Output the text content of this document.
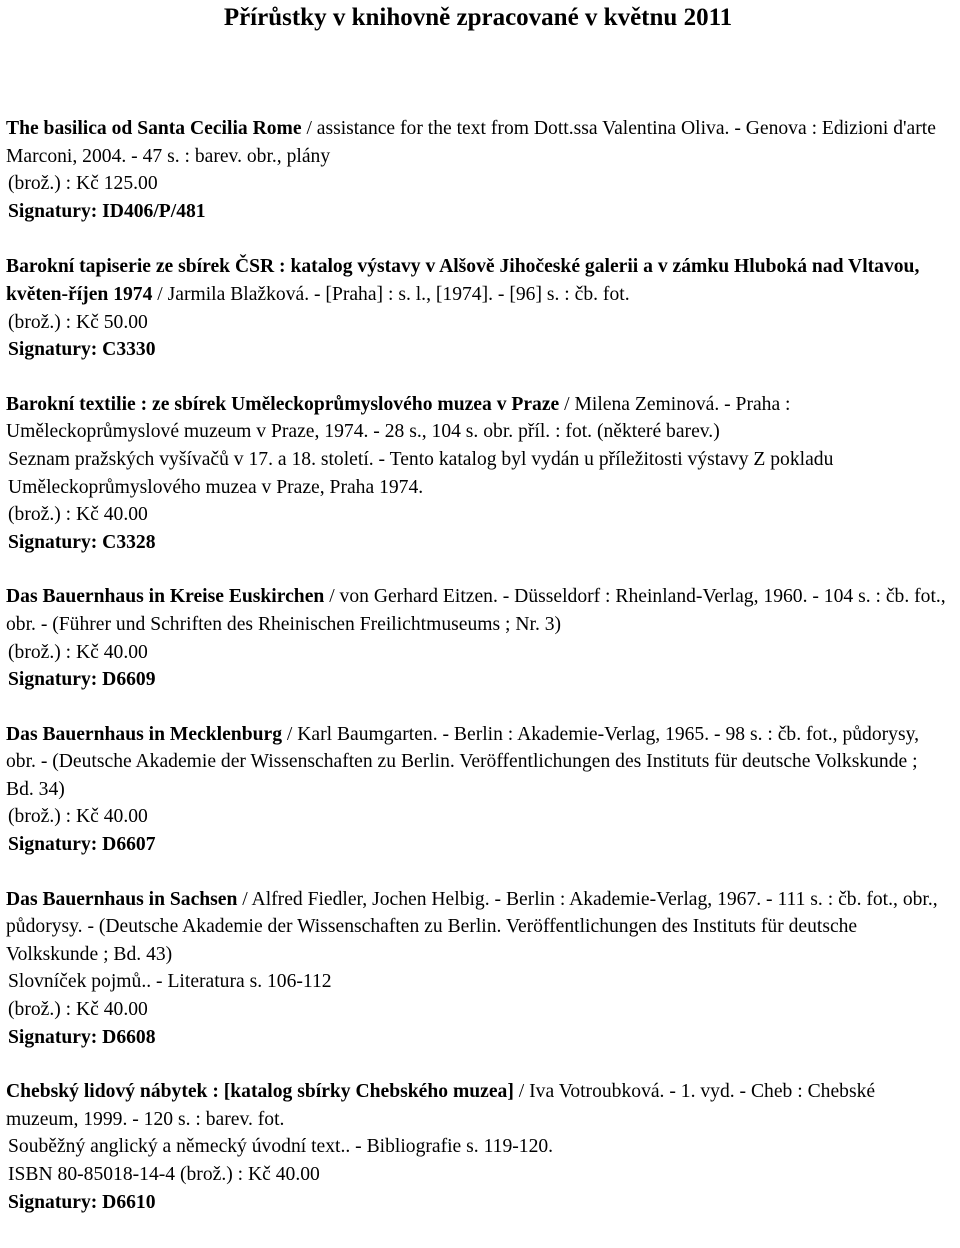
Přírůstky v knihovně zpracované v květnu 2011
The basilica od Santa Cecilia Rome / assistance for the text from Dott.ssa Valentina Oliva. - Genova : Edizioni d'arte Marconi, 2004. - 47 s. : barev. obr., plány
(brož.) : Kč 125.00
Signatury: ID406/P/481
Barokní tapiserie ze sbírek ČSR : katalog výstavy v Alšově Jihočeské galerii a v zámku Hluboká nad Vltavou, květen-říjen 1974 / Jarmila Blažková. - [Praha] : s. l., [1974]. - [96] s. : čb. fot.
(brož.) : Kč 50.00
Signatury: C3330
Barokní textilie : ze sbírek Uměleckoprůmyslového muzea v Praze / Milena Zeminová. - Praha : Uměleckoprůmyslové muzeum v Praze, 1974. - 28 s., 104 s. obr. příl. : fot. (některé barev.)
Seznam pražských vyšívačů v 17. a 18. století. - Tento katalog byl vydán u příležitosti výstavy Z pokladu Uměleckoprůmyslového muzea v Praze, Praha 1974.
(brož.) : Kč 40.00
Signatury: C3328
Das Bauernhaus in Kreise Euskirchen / von Gerhard Eitzen. - Düsseldorf : Rheinland-Verlag, 1960. - 104 s. : čb. fot., obr. - (Führer und Schriften des Rheinischen Freilichtmuseums ; Nr. 3)
(brož.) : Kč 40.00
Signatury: D6609
Das Bauernhaus in Mecklenburg / Karl Baumgarten. - Berlin : Akademie-Verlag, 1965. - 98 s. : čb. fot., půdorysy, obr. - (Deutsche Akademie der Wissenschaften zu Berlin. Veröffentlichungen des Instituts für deutsche Volkskunde ; Bd. 34)
(brož.) : Kč 40.00
Signatury: D6607
Das Bauernhaus in Sachsen / Alfred Fiedler, Jochen Helbig. - Berlin : Akademie-Verlag, 1967. - 111 s. : čb. fot., obr., půdorysy. - (Deutsche Akademie der Wissenschaften zu Berlin. Veröffentlichungen des Instituts für deutsche Volkskunde ; Bd. 43)
Slovníček pojmů.. - Literatura s. 106-112
(brož.) : Kč 40.00
Signatury: D6608
Chebský lidový nábytek : [katalog sbírky Chebského muzea] / Iva Votroubková. - 1. vyd. - Cheb : Chebské muzeum, 1999. - 120 s. : barev. fot.
Souběžný anglický a německý úvodní text.. - Bibliografie s. 119-120.
ISBN 80-85018-14-4 (brož.) : Kč 40.00
Signatury: D6610
